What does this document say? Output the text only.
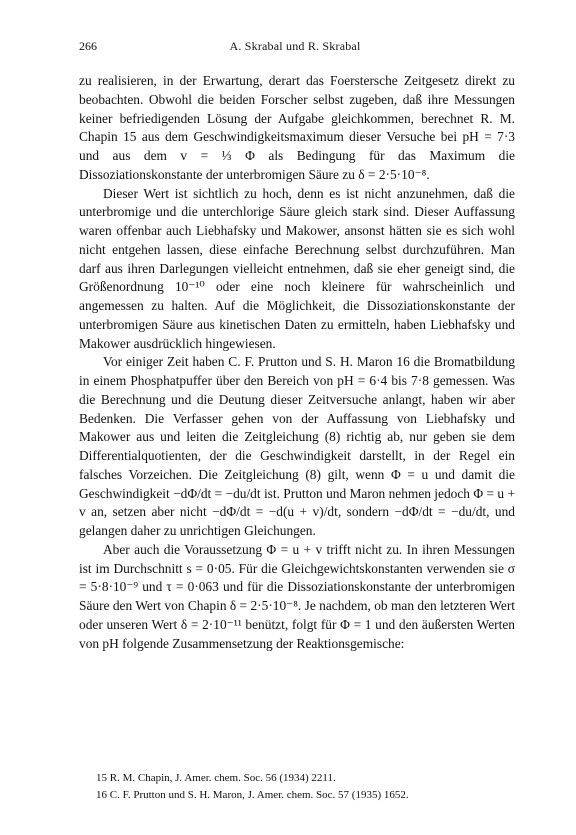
266	A. Skrabal und R. Skrabal

zu realisieren, in der Erwartung, derart das Foerstersche Zeitgesetz direkt zu beobachten. Obwohl die beiden Forscher selbst zugeben, daß ihre Messungen keiner befriedigenden Lösung der Aufgabe gleichkommen, berechnet R. M. Chapin 15 aus dem Geschwindigkeitsmaximum dieser Versuche bei pH = 7·3 und aus dem v = ⅓ Φ als Bedingung für das Maximum die Dissoziationskonstante der unterbromigen Säure zu δ = 2·5·10⁻⁸.

Dieser Wert ist sichtlich zu hoch, denn es ist nicht anzunehmen, daß die unterbromige und die unterchlorige Säure gleich stark sind. Dieser Auffassung waren offenbar auch Liebhafsky und Makower, ansonst hätten sie es sich wohl nicht entgehen lassen, diese einfache Berechnung selbst durchzuführen. Man darf aus ihren Darlegungen vielleicht entnehmen, daß sie eher geneigt sind, die Größenordnung 10⁻¹⁰ oder eine noch kleinere für wahrscheinlich und angemessen zu halten. Auf die Möglichkeit, die Dissoziationskonstante der unterbromigen Säure aus kinetischen Daten zu ermitteln, haben Liebhafsky und Makower ausdrücklich hingewiesen.

Vor einiger Zeit haben C. F. Prutton und S. H. Maron 16 die Bromatbildung in einem Phosphatpuffer über den Bereich von pH = 6·4 bis 7·8 gemessen. Was die Berechnung und die Deutung dieser Zeitversuche anlangt, haben wir aber Bedenken. Die Verfasser gehen von der Auffassung von Liebhafsky und Makower aus und leiten die Zeitgleichung (8) richtig ab, nur geben sie dem Differentialquotienten, der die Geschwindigkeit darstellt, in der Regel ein falsches Vorzeichen. Die Zeitgleichung (8) gilt, wenn Φ = u und damit die Geschwindigkeit −dΦ/dt = −du/dt ist. Prutton und Maron nehmen jedoch Φ = u + v an, setzen aber nicht −dΦ/dt = −d(u + v)/dt, sondern −dΦ/dt = −du/dt, und gelangen daher zu unrichtigen Gleichungen.

Aber auch die Voraussetzung Φ = u + v trifft nicht zu. In ihren Messungen ist im Durchschnitt s = 0·05. Für die Gleichgewichtskonstanten verwenden sie σ = 5·8·10⁻⁹ und τ = 0·063 und für die Dissoziationskonstante der unterbromigen Säure den Wert von Chapin δ = 2·5·10⁻⁸. Je nachdem, ob man den letzteren Wert oder unseren Wert δ = 2·10⁻¹¹ benützt, folgt für Φ = 1 und den äußersten Werten von pH folgende Zusammensetzung der Reaktionsgemische:

15 R. M. Chapin, J. Amer. chem. Soc. 56 (1934) 2211.
16 C. F. Prutton und S. H. Maron, J. Amer. chem. Soc. 57 (1935) 1652.
